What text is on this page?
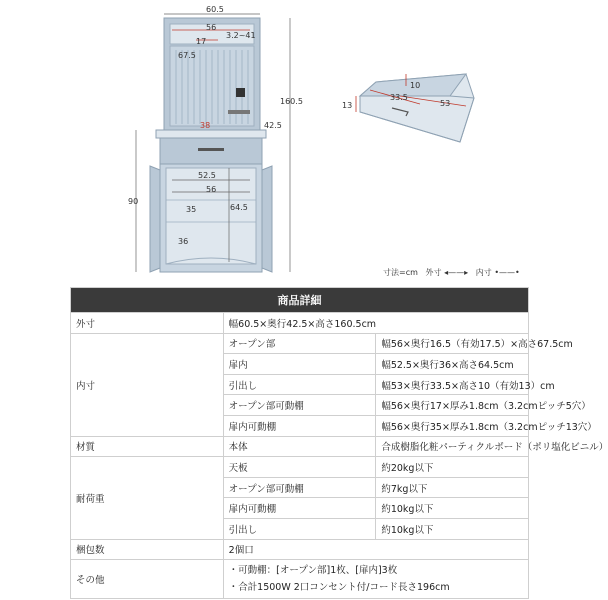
60.5
56
17
3.2~41
67.5
160.5
38	42.5
52.5
56
64.5
35
36
90
13
10
33.5
53
寸法=cm 外寸 ◂——▸ 内寸 •——•
商品詳細		
外寸	幅60.5×奥行42.5×高さ160.5cm	
内寸	オープン部	幅56×奥行16.5（有効17.5）×高さ67.5cm
	扉内	幅52.5×奥行36×高さ64.5cm
	引出し	幅53×奥行33.5×高さ10（有効13）cm
	オープン部可動棚	幅56×奥行17×厚み1.8cm（3.2cmピッチ5穴）
	扉内可動棚	幅56×奥行35×厚み1.8cm（3.2cmピッチ13穴）
材質	本体	合成樹脂化粧パーティクルボード（ポリ塩化ビニル）
耐荷重	天板	約20kg以下
	オープン部可動棚	約7kg以下
	扉内可動棚	約10kg以下
	引出し	約10kg以下
梱包数	2個口	
その他	・可動棚：[オープン部]1枚、[扉内]3枚
・合計1500W 2口コンセント付/コード長さ196cm	
